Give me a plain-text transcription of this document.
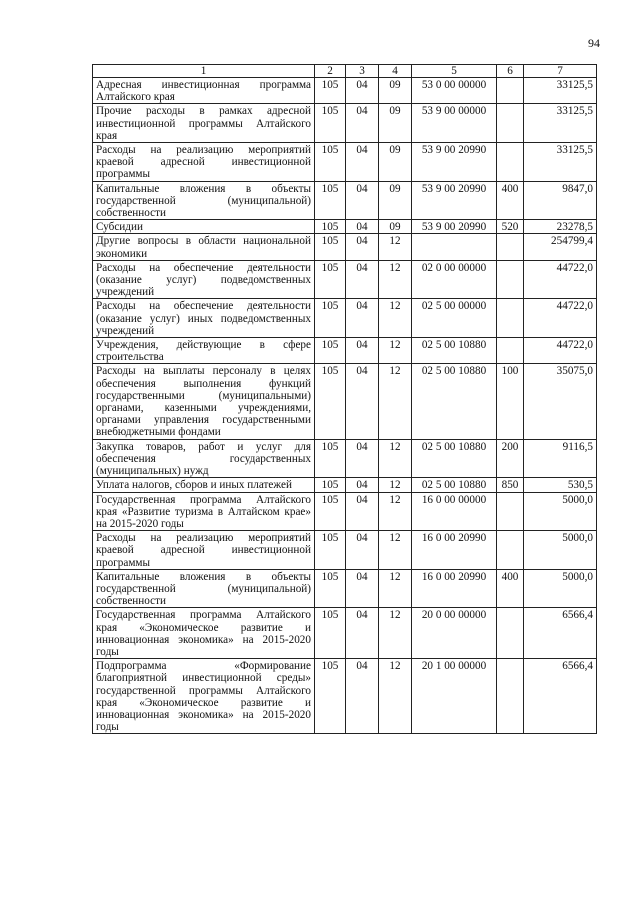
94
1	2	3	4	5	6	7
Адресная инвестиционная программа Алтайского края	105	04	09	53 0 00 00000		33125,5
Прочие расходы в рамках адресной инвестиционной программы Алтайского края	105	04	09	53 9 00 00000		33125,5
Расходы на реализацию мероприятий краевой адресной инвестиционной программы	105	04	09	53 9 00 20990		33125,5
Капитальные вложения в объекты государственной (муниципальной) собственности	105	04	09	53 9 00 20990	400	9847,0
Субсидии	105	04	09	53 9 00 20990	520	23278,5
Другие вопросы в области национальной экономики	105	04	12			254799,4
Расходы на обеспечение деятельности (оказание услуг) подведомственных учреждений	105	04	12	02 0 00 00000		44722,0
Расходы на обеспечение деятельности (оказание услуг) иных подведомственных учреждений	105	04	12	02 5 00 00000		44722,0
Учреждения, действующие в сфере строительства	105	04	12	02 5 00 10880		44722,0
Расходы на выплаты персоналу в целях обеспечения выполнения функций государственными (муниципальными) органами, казенными учреждениями, органами управления государственными внебюджетными фондами	105	04	12	02 5 00 10880	100	35075,0
Закупка товаров, работ и услуг для обеспечения государственных (муниципальных) нужд	105	04	12	02 5 00 10880	200	9116,5
Уплата налогов, сборов и иных платежей	105	04	12	02 5 00 10880	850	530,5
Государственная программа Алтайского края «Развитие туризма в Алтайском крае» на 2015-2020 годы	105	04	12	16 0 00 00000		5000,0
Расходы на реализацию мероприятий краевой адресной инвестиционной программы	105	04	12	16 0 00 20990		5000,0
Капитальные вложения в объекты государственной (муниципальной) собственности	105	04	12	16 0 00 20990	400	5000,0
Государственная программа Алтайского края «Экономическое развитие и инновационная экономика» на 2015-2020 годы	105	04	12	20 0 00 00000		6566,4
Подпрограмма «Формирование благоприятной инвестиционной среды» государственной программы Алтайского края «Экономическое развитие и инновационная экономика» на 2015-2020 годы	105	04	12	20 1 00 00000		6566,4
